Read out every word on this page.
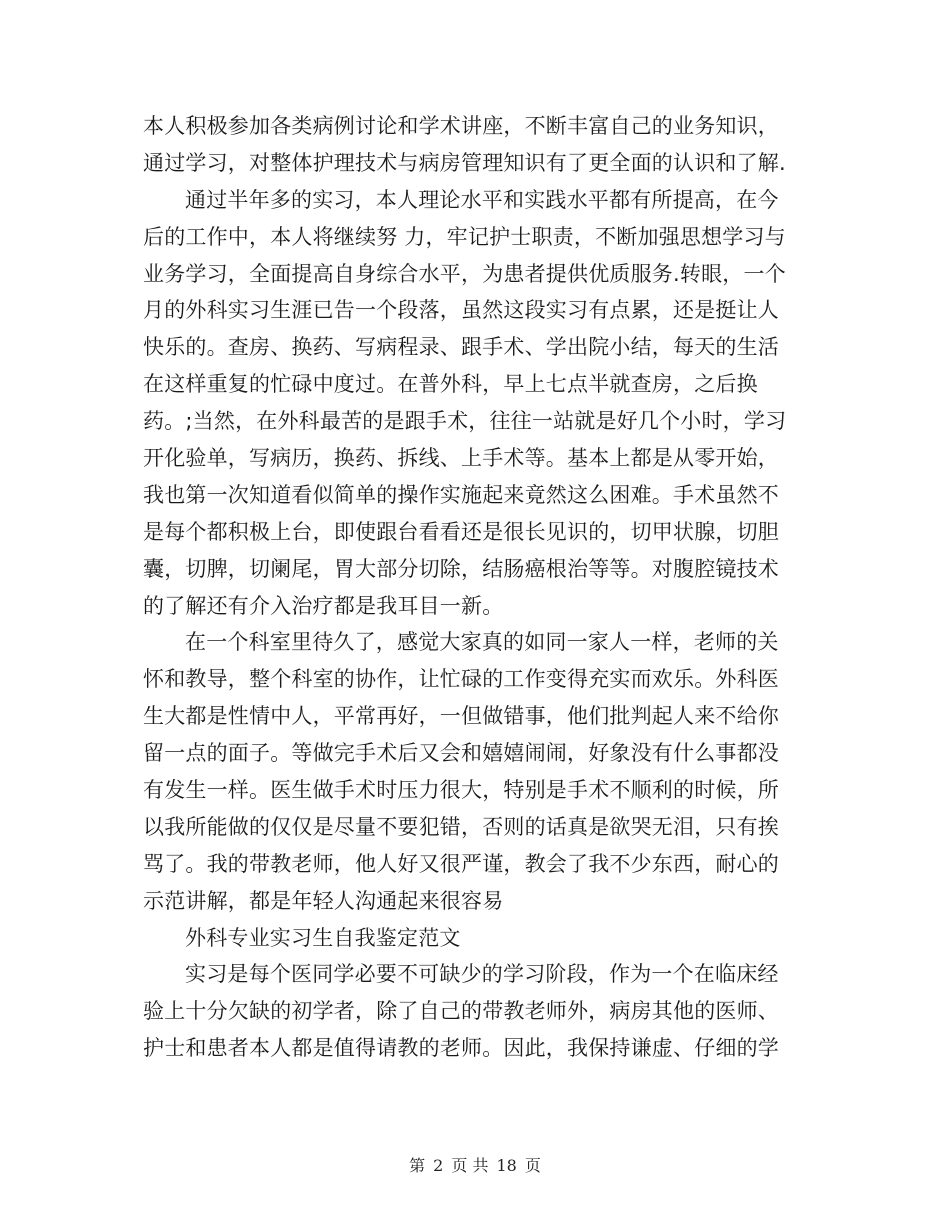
本人积极参加各类病例讨论和学术讲座，不断丰富自己的业务知识，
通过学习，对整体护理技术与病房管理知识有了更全面的认识和了解.
通过半年多的实习，本人理论水平和实践水平都有所提高，在今
后的工作中，本人将继续努 力，牢记护士职责，不断加强思想学习与
业务学习，全面提高自身综合水平，为患者提供优质服务.转眼，一个
月的外科实习生涯已告一个段落，虽然这段实习有点累，还是挺让人
快乐的。查房、换药、写病程录、跟手术、学出院小结，每天的生活
在这样重复的忙碌中度过。在普外科，早上七点半就查房，之后换
药。;当然，在外科最苦的是跟手术，往往一站就是好几个小时，学习
开化验单，写病历，换药、拆线、上手术等。基本上都是从零开始，
我也第一次知道看似简单的操作实施起来竟然这么困难。手术虽然不
是每个都积极上台，即使跟台看看还是很长见识的，切甲状腺，切胆
囊，切脾，切阑尾，胃大部分切除，结肠癌根治等等。对腹腔镜技术
的了解还有介入治疗都是我耳目一新。
在一个科室里待久了，感觉大家真的如同一家人一样，老师的关
怀和教导，整个科室的协作，让忙碌的工作变得充实而欢乐。外科医
生大都是性情中人，平常再好，一但做错事，他们批判起人来不给你
留一点的面子。等做完手术后又会和嬉嬉闹闹，好象没有什么事都没
有发生一样。医生做手术时压力很大，特别是手术不顺利的时候，所
以我所能做的仅仅是尽量不要犯错，否则的话真是欲哭无泪，只有挨
骂了。我的带教老师，他人好又很严谨，教会了我不少东西，耐心的
示范讲解，都是年轻人沟通起来很容易
外科专业实习生自我鉴定范文
实习是每个医同学必要不可缺少的学习阶段，作为一个在临床经
验上十分欠缺的初学者，除了自己的带教老师外，病房其他的医师、
护士和患者本人都是值得请教的老师。因此，我保持谦虚、仔细的学
第 2 页 共 18 页
